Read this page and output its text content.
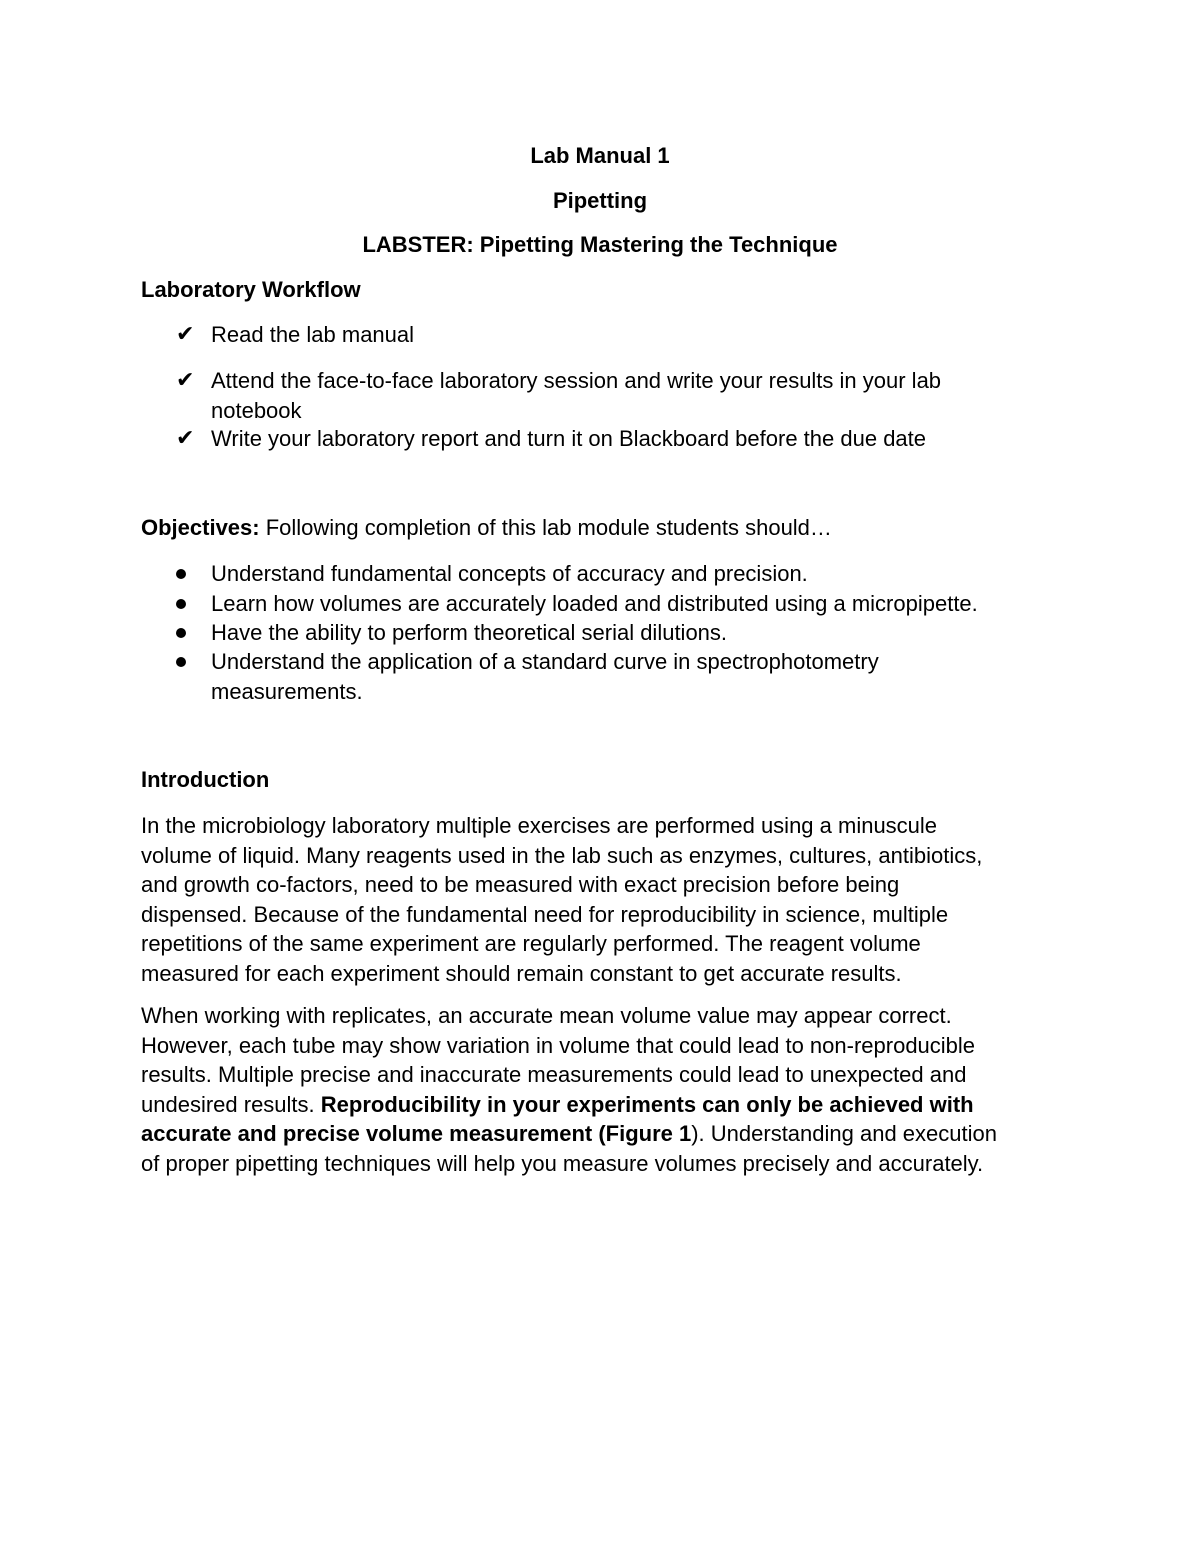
Lab Manual 1
Pipetting
LABSTER: Pipetting Mastering the Technique
Laboratory Workflow
✔ Read the lab manual
✔ Attend the face-to-face laboratory session and write your results in your lab
notebook
✔ Write your laboratory report and turn it on Blackboard before the due date
Objectives: Following completion of this lab module students should…
Understand fundamental concepts of accuracy and precision.
Learn how volumes are accurately loaded and distributed using a micropipette.
Have the ability to perform theoretical serial dilutions.
Understand the application of a standard curve in spectrophotometry
measurements.
Introduction
In the microbiology laboratory multiple exercises are performed using a minuscule
volume of liquid. Many reagents used in the lab such as enzymes, cultures, antibiotics,
and growth co-factors, need to be measured with exact precision before being
dispensed. Because of the fundamental need for reproducibility in science, multiple
repetitions of the same experiment are regularly performed. The reagent volume
measured for each experiment should remain constant to get accurate results.
When working with replicates, an accurate mean volume value may appear correct.
However, each tube may show variation in volume that could lead to non-reproducible
results. Multiple precise and inaccurate measurements could lead to unexpected and
undesired results. Reproducibility in your experiments can only be achieved with
accurate and precise volume measurement (Figure 1). Understanding and execution
of proper pipetting techniques will help you measure volumes precisely and accurately.
